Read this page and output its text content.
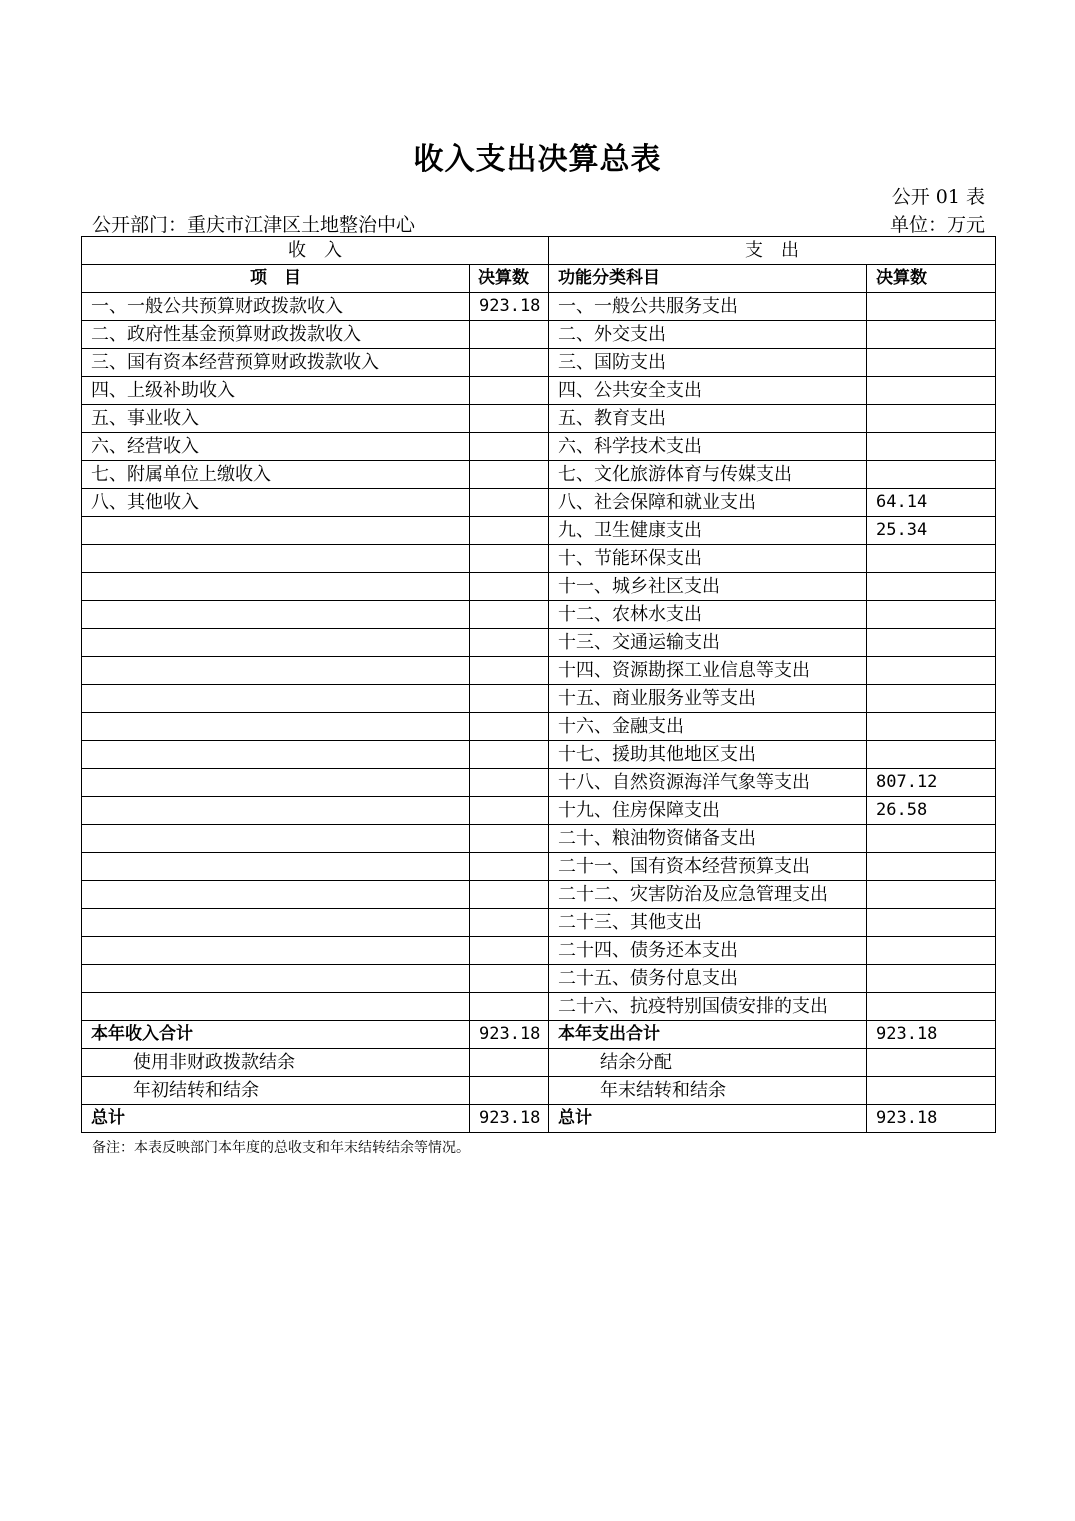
收入支出决算总表
公开 01 表
公开部门：重庆市江津区土地整治中心	单位：万元
收　入		支　出	
项　目	决算数	功能分类科目	决算数
一、一般公共预算财政拨款收入	923.18	一、一般公共服务支出	
二、政府性基金预算财政拨款收入		二、外交支出	
三、国有资本经营预算财政拨款收入		三、国防支出	
四、上级补助收入		四、公共安全支出	
五、事业收入		五、教育支出	
六、经营收入		六、科学技术支出	
七、附属单位上缴收入		七、文化旅游体育与传媒支出	
八、其他收入		八、社会保障和就业支出	64.14
		九、卫生健康支出	25.34
		十、节能环保支出	
		十一、城乡社区支出	
		十二、农林水支出	
		十三、交通运输支出	
		十四、资源勘探工业信息等支出	
		十五、商业服务业等支出	
		十六、金融支出	
		十七、援助其他地区支出	
		十八、自然资源海洋气象等支出	807.12
		十九、住房保障支出	26.58
		二十、粮油物资储备支出	
		二十一、国有资本经营预算支出	
		二十二、灾害防治及应急管理支出	
		二十三、其他支出	
		二十四、债务还本支出	
		二十五、债务付息支出	
		二十六、抗疫特别国债安排的支出	
本年收入合计	923.18	本年支出合计	923.18
使用非财政拨款结余		结余分配	
年初结转和结余		年末结转和结余	
总计	923.18	总计	923.18
备注：本表反映部门本年度的总收支和年末结转结余等情况。
